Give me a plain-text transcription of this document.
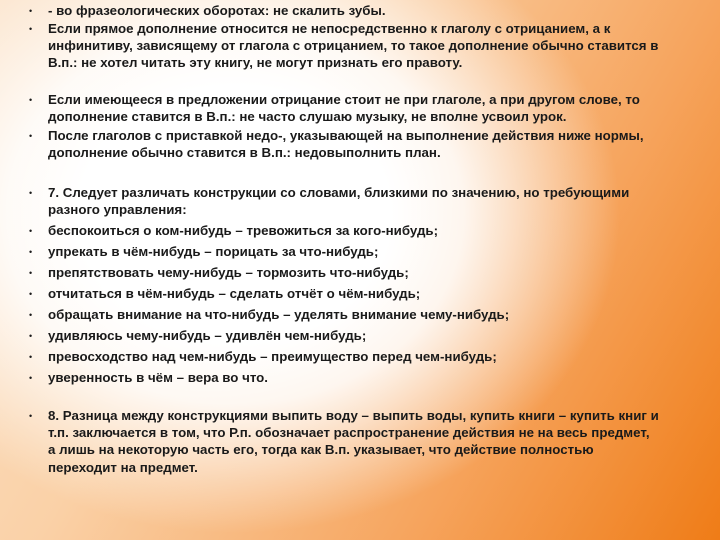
• - во фразеологических оборотах: не скалить зубы.
• Если прямое дополнение относится не непосредственно к глаголу с отрицанием, а к
инфинитиву, зависящему от глагола с отрицанием, то такое дополнение обычно ставится в
В.п.: не хотел читать эту книгу, не могут признать его правоту.
• Если имеющееся в предложении отрицание стоит не при глаголе, а при другом слове, то
дополнение ставится в В.п.: не часто слушаю музыку, не вполне усвоил урок.
• После глаголов с приставкой недо-, указывающей на выполнение действия ниже нормы,
дополнение обычно ставится в В.п.: недовыполнить план.
• 7. Следует различать конструкции со словами, близкими по значению, но требующими
разного управления:
• беспокоиться о ком-нибудь – тревожиться за кого-нибудь;
• упрекать в чём-нибудь – порицать за что-нибудь;
• препятствовать чему-нибудь – тормозить что-нибудь;
• отчитаться в чём-нибудь – сделать отчёт о чём-нибудь;
• обращать внимание на что-нибудь – уделять внимание чему-нибудь;
• удивляюсь чему-нибудь – удивлён чем-нибудь;
• превосходство над чем-нибудь – преимущество перед чем-нибудь;
• уверенность в чём – вера во что.
• 8. Разница между конструкциями выпить воду – выпить воды, купить книги – купить книг и
т.п. заключается в том, что Р.п. обозначает распространение действия не на весь предмет,
а лишь на некоторую часть его, тогда как В.п. указывает, что действие полностью
переходит на предмет.
